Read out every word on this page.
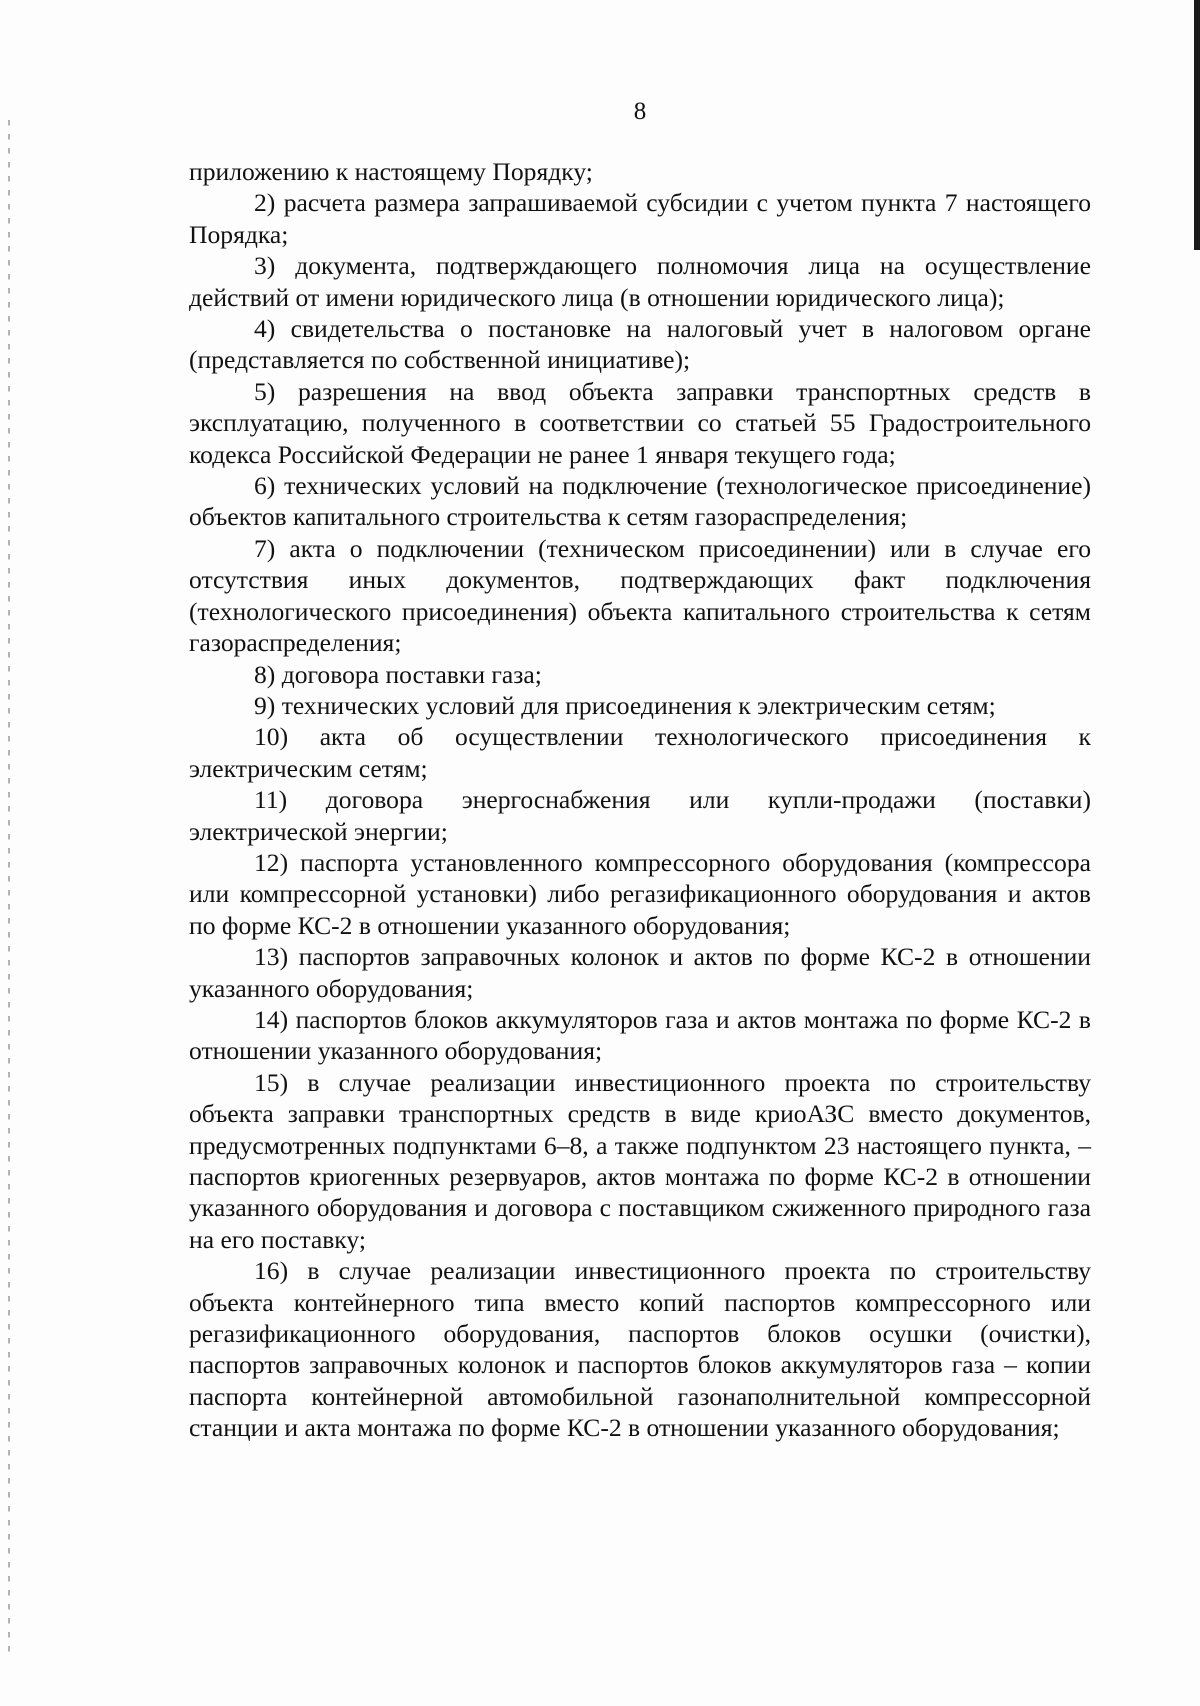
8

приложению к настоящему Порядку;

2) расчета размера запрашиваемой субсидии с учетом пункта 7 настоящего Порядка;

3) документа, подтверждающего полномочия лица на осуществление действий от имени юридического лица (в отношении юридического лица);

4) свидетельства о постановке на налоговый учет в налоговом органе (представляется по собственной инициативе);

5) разрешения на ввод объекта заправки транспортных средств в эксплуатацию, полученного в соответствии со статьей 55 Градостроительного кодекса Российской Федерации не ранее 1 января текущего года;

6) технических условий на подключение (технологическое присоединение) объектов капитального строительства к сетям газораспределения;

7) акта о подключении (техническом присоединении) или в случае его отсутствия иных документов, подтверждающих факт подключения (технологического присоединения) объекта капитального строительства к сетям газораспределения;

8) договора поставки газа;

9) технических условий для присоединения к электрическим сетям;

10) акта об осуществлении технологического присоединения к электрическим сетям;

11) договора энергоснабжения или купли-продажи (поставки) электрической энергии;

12) паспорта установленного компрессорного оборудования (компрессора или компрессорной установки) либо регазификационного оборудования и актов по форме КС-2 в отношении указанного оборудования;

13) паспортов заправочных колонок и актов по форме КС-2 в отношении указанного оборудования;

14) паспортов блоков аккумуляторов газа и актов монтажа по форме КС-2 в отношении указанного оборудования;

15) в случае реализации инвестиционного проекта по строительству объекта заправки транспортных средств в виде криоАЗС вместо документов, предусмотренных подпунктами 6–8, а также подпунктом 23 настоящего пункта, – паспортов криогенных резервуаров, актов монтажа по форме КС-2 в отношении указанного оборудования и договора с поставщиком сжиженного природного газа на его поставку;

16) в случае реализации инвестиционного проекта по строительству объекта контейнерного типа вместо копий паспортов компрессорного или регазификационного оборудования, паспортов блоков осушки (очистки), паспортов заправочных колонок и паспортов блоков аккумуляторов газа – копии паспорта контейнерной автомобильной газонаполнительной компрессорной станции и акта монтажа по форме КС-2 в отношении указанного оборудования;
